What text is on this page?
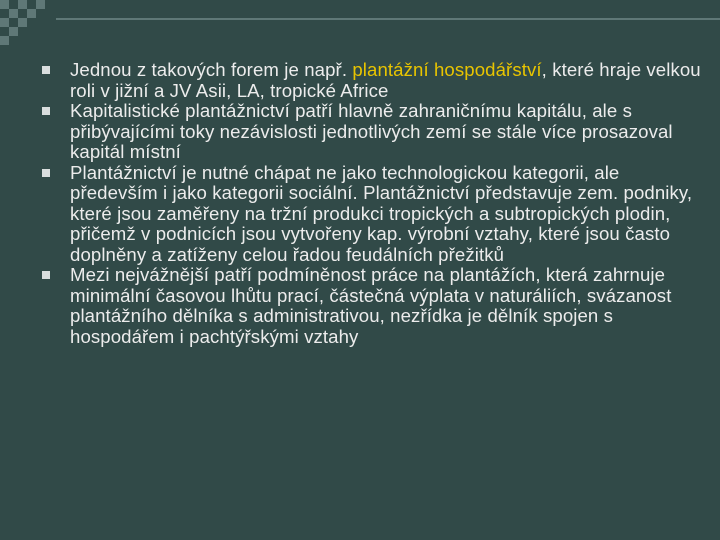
Jednou z takových forem je např. plantážní hospodářství, které hraje velkou roli v jižní a JV Asii, LA, tropické Africe
Kapitalistické plantážnictví patří hlavně zahraničnímu kapitálu, ale s přibývajícími toky nezávislosti jednotlivých zemí se stále více prosazoval kapitál místní
Plantážnictví je nutné chápat ne jako technologickou kategorii, ale především i jako kategorii sociální. Plantážnictví představuje zem. podniky, které jsou zaměřeny na tržní produkci tropických a subtropických plodin, přičemž v podnicích jsou vytvořeny kap. výrobní vztahy, které jsou často doplněny a zatíženy celou řadou feudálních přežitků
Mezi nejvážnější patří podmíněnost práce na plantážích, která zahrnuje minimální časovou lhůtu prací, částečná výplata v naturáliích, svázanost plantážního dělníka s administrativou, nezřídka je dělník spojen s hospodářem i pachtýřskými vztahy
